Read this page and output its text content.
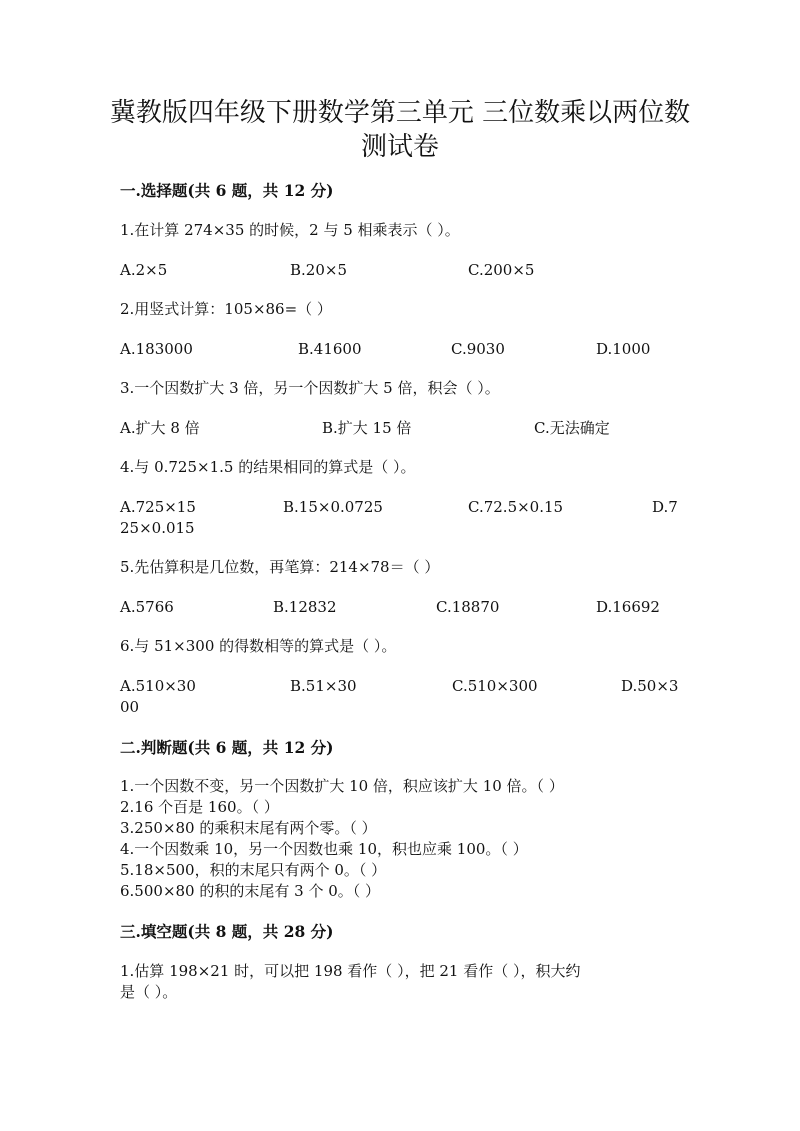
冀教版四年级下册数学第三单元 三位数乘以两位数
测试卷
一.选择题(共 6 题，共 12 分)
1.在计算 274×35 的时候，2 与 5 相乘表示（ ）。
A.2×5	B.20×5	C.200×5
2.用竖式计算：105×86=（ ）
A.183000	B.41600	C.9030	D.1000
3.一个因数扩大 3 倍，另一个因数扩大 5 倍，积会（ ）。
A.扩大 8 倍	B.扩大 15 倍	C.无法确定
4.与 0.725×1.5 的结果相同的算式是（ ）。
A.725×15	B.15×0.0725	C.72.5×0.15	D.7
25×0.015
5.先估算积是几位数，再笔算：214×78＝（ ）
A.5766	B.12832	C.18870	D.16692
6.与 51×300 的得数相等的算式是（ ）。
A.510×30	B.51×30	C.510×300	D.50×3
00
二.判断题(共 6 题，共 12 分)
1.一个因数不变，另一个因数扩大 10 倍，积应该扩大 10 倍。（ ）
2.16 个百是 160。（ ）
3.250×80 的乘积末尾有两个零。（ ）
4.一个因数乘 10，另一个因数也乘 10，积也应乘 100。（ ）
5.18×500，积的末尾只有两个 0。（ ）
6.500×80 的积的末尾有 3 个 0。（ ）
三.填空题(共 8 题，共 28 分)
1.估算 198×21 时，可以把 198 看作（ ），把 21 看作（ ），积大约
是（ ）。
